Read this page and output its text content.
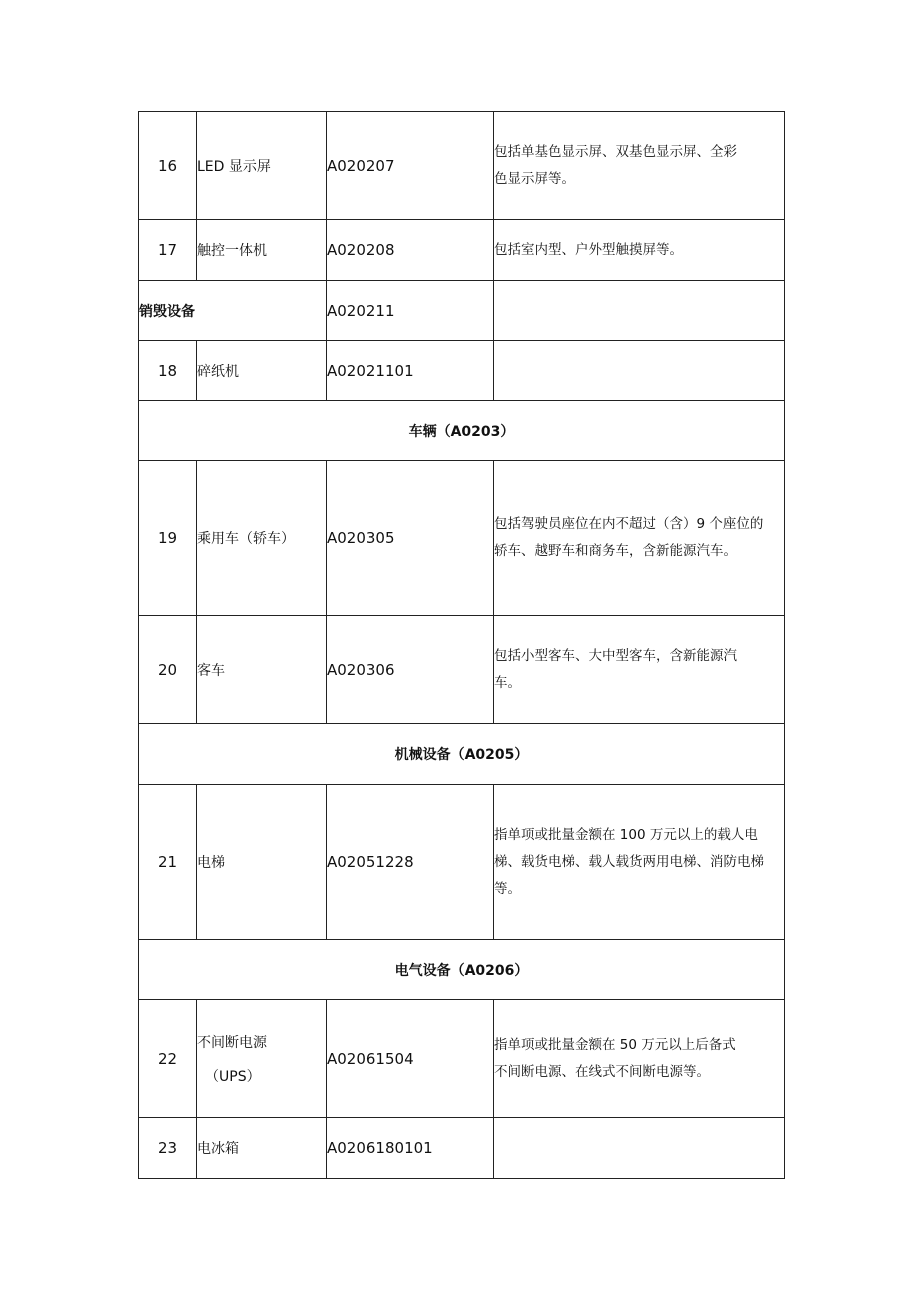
16	LED 显示屏	A020207	包括单基色显示屏、双基色显示屏、全彩
色显示屏等。

17	触控一体机	A020208	包括室内型、户外型触摸屏等。
销毁设备		A020211	
18	碎纸机	A02021101	
车辆（A0203）			
19	乘用车（轿车）	A020305	包括驾驶员座位在内不超过（含）9 个座位的
轿车、越野车和商务车，含新能源汽车。

20	客车	A020306	包括小型客车、大中型客车，含新能源汽
车。

机械设备（A0205）			
21	电梯	A02051228	指单项或批量金额在 100 万元以上的载人电
梯、载货电梯、载人载货两用电梯、消防电梯
等。

电气设备（A0206）			
22	不间断电源
（UPS）	A02061504	指单项或批量金额在 50 万元以上后备式
不间断电源、在线式不间断电源等。

23	电冰箱	A0206180101	
